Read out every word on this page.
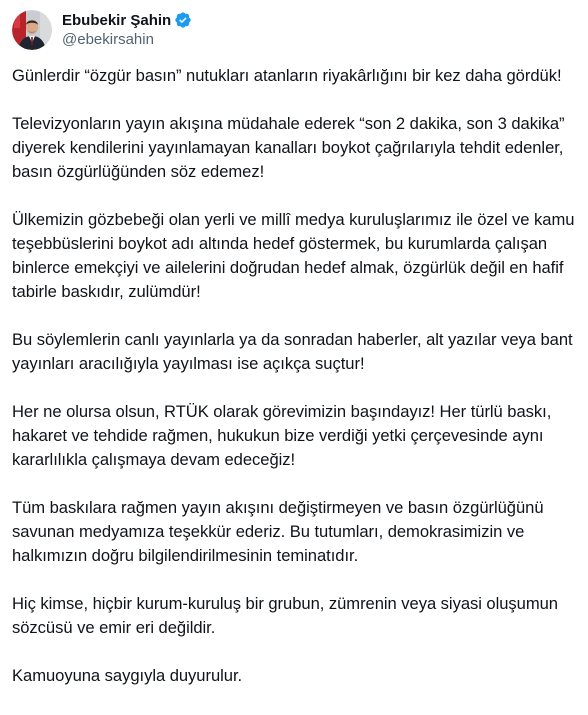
Ebubekir Şahin
@ebekirsahin

Günlerdir “özgür basın” nutukları atanların riyakârlığını bir kez daha gördük!

Televizyonların yayın akışına müdahale ederek “son 2 dakika, son 3 dakika” diyerek kendilerini yayınlamayan kanalları boykot çağrılarıyla tehdit edenler, basın özgürlüğünden söz edemez!

Ülkemizin gözbebeği olan yerli ve millî medya kuruluşlarımız ile özel ve kamu teşebbüslerini boykot adı altında hedef göstermek, bu kurumlarda çalışan binlerce emekçiyi ve ailelerini doğrudan hedef almak, özgürlük değil en hafif tabirle baskıdır, zulümdür!

Bu söylemlerin canlı yayınlarla ya da sonradan haberler, alt yazılar veya bant yayınları aracılığıyla yayılması ise açıkça suçtur!

Her ne olursa olsun, RTÜK olarak görevimizin başındayız! Her türlü baskı, hakaret ve tehdide rağmen, hukukun bize verdiği yetki çerçevesinde aynı kararlılıkla çalışmaya devam edeceğiz!

Tüm baskılara rağmen yayın akışını değiştirmeyen ve basın özgürlüğünü savunan medyamıza teşekkür ederiz. Bu tutumları, demokrasimizin ve halkımızın doğru bilgilendirilmesinin teminatıdır.

Hiç kimse, hiçbir kurum-kuruluş bir grubun, zümrenin veya siyasi oluşumun sözcüsü ve emir eri değildir.

Kamuoyuna saygıyla duyurulur.
